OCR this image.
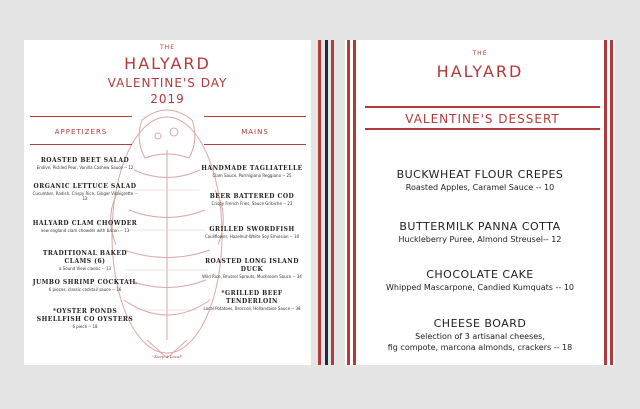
THE
HALYARD
VALENTINE'S DAY
2019
APPETIZERS	MAINS
ROASTED BEET SALAD
Endive, Pickled Pear, Vanilla Cashew Sauce -- 12
ORGANIC LETTUCE SALAD
Cucumber, Radish, Crispy Rice, Ginger Vinaigrette -- 12
HALYARD CLAM CHOWDER
new england clam chowder with bacon -- 13
TRADITIONAL BAKED CLAMS (6)
a Sound View classic -- 13
JUMBO SHRIMP COCKTAIL
6 pieces, classic cocktail sauce -- 16
*OYSTER PONDS SHELLFISH CO OYSTERS
6 piece -- 18
HANDMADE TAGLIATELLE
Clam Sauce, Parmigiano Reggiano -- 25
BEER BATTERED COD
Crispy French Fries, Sauce Gribiche -- 23
GRILLED SWORDFISH
Cauliflower, Hazelnut-White Soy Emulsion -- 30
ROASTED LONG ISLAND DUCK
Wild Rice, Brussel Sprouts, Mushroom Sauce -- 34
*GRILLED BEEF TENDERLOIN
Local Potatoes, Broccoli, Hollandaise Sauce -- 38
"Keep it Local"
THE
HALYARD
VALENTINE'S DESSERT
BUCKWHEAT FLOUR CREPES
Roasted Apples, Caramel Sauce -- 10
BUTTERMILK PANNA COTTA
Huckleberry Puree, Almond Streusel-- 12
CHOCOLATE CAKE
Whipped Mascarpone, Candied Kumquats -- 10
CHEESE BOARD
Selection of 3 artisanal cheeses,
fig compote, marcona almonds, crackers -- 18
